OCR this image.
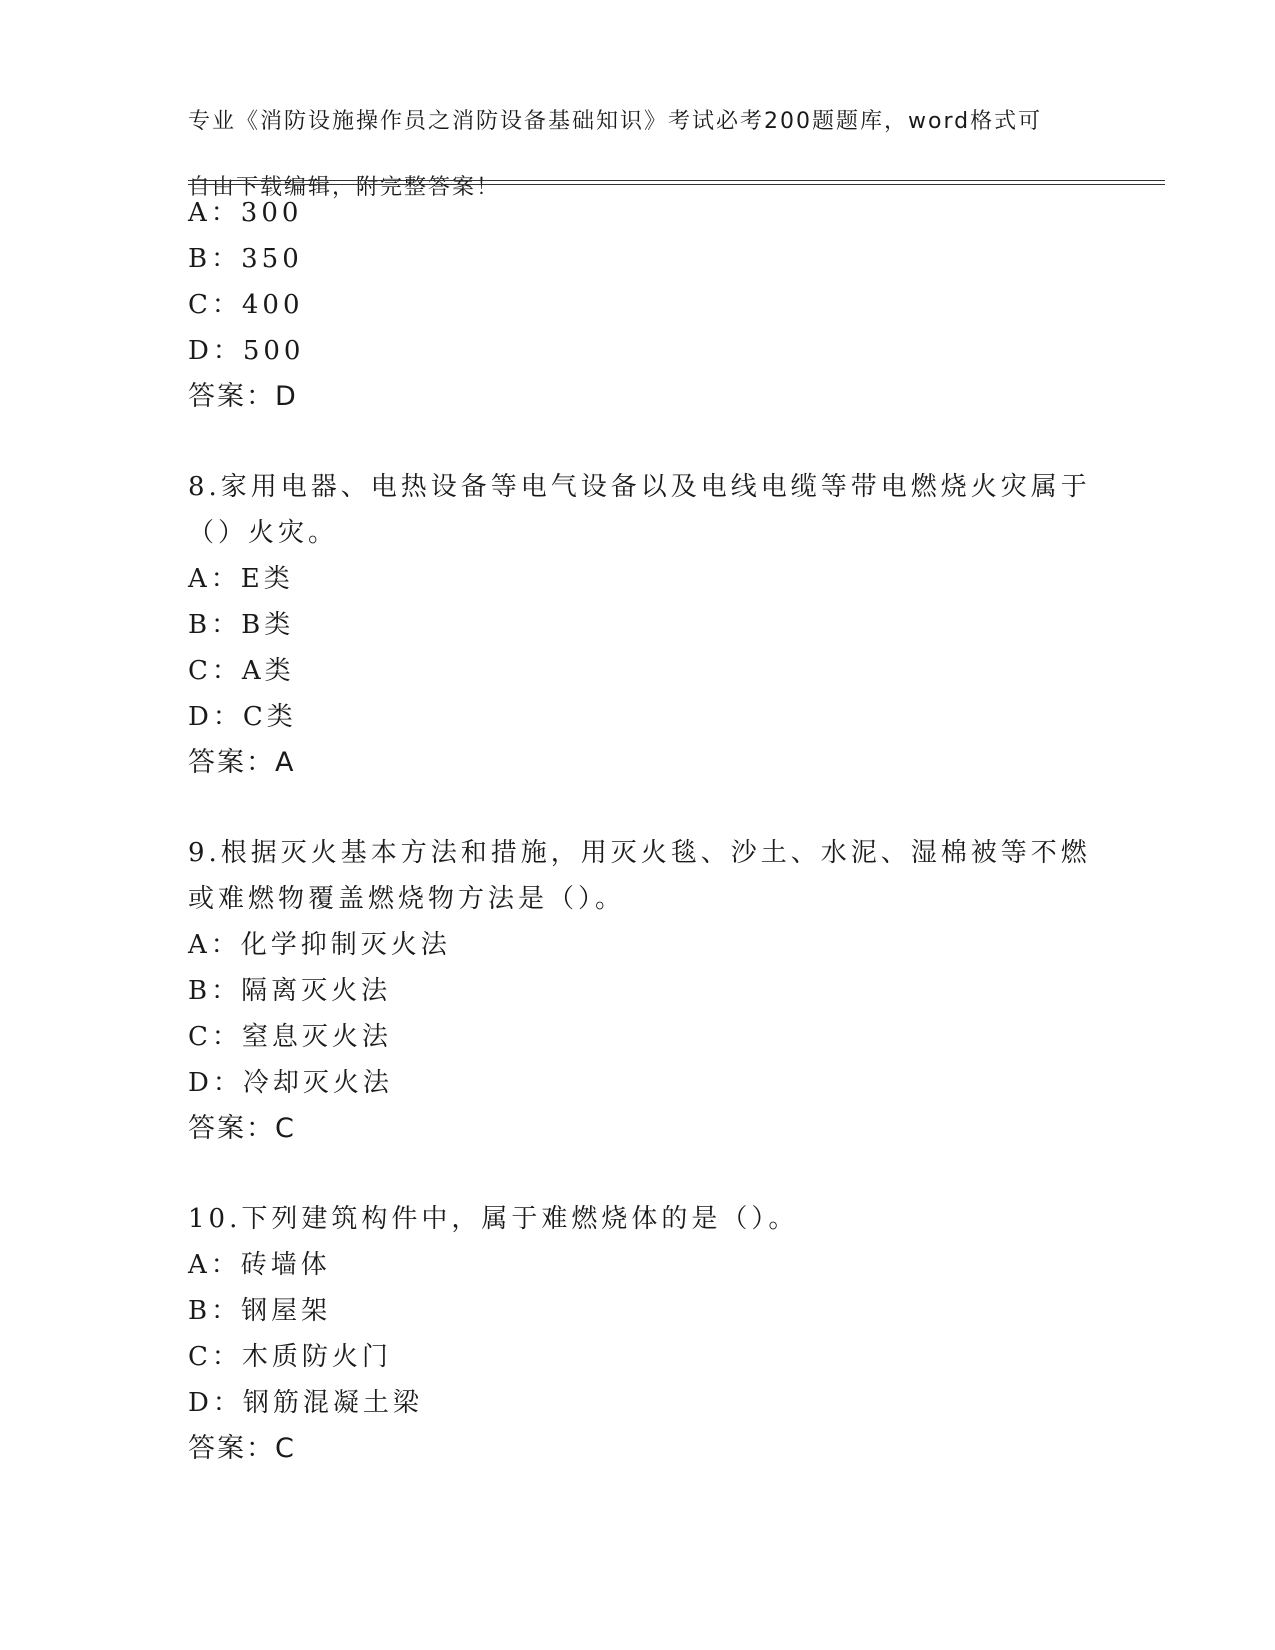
专业《消防设施操作员之消防设备基础知识》考试必考200题题库，word格式可

自由下载编辑，附完整答案！

A：300
B：350
C：400
D：500
答案：D
8.家用电器、电热设备等电气设备以及电线电缆等带电燃烧火灾属于
（）火灾。
A：E类
B：B类
C：A类
D：C类
答案：A
9.根据灭火基本方法和措施，用灭火毯、沙土、水泥、湿棉被等不燃
或难燃物覆盖燃烧物方法是（）。
A：化学抑制灭火法
B：隔离灭火法
C：窒息灭火法
D：冷却灭火法
答案：C
10.下列建筑构件中，属于难燃烧体的是（）。
A：砖墙体
B：钢屋架
C：木质防火门
D：钢筋混凝土梁
答案：C
